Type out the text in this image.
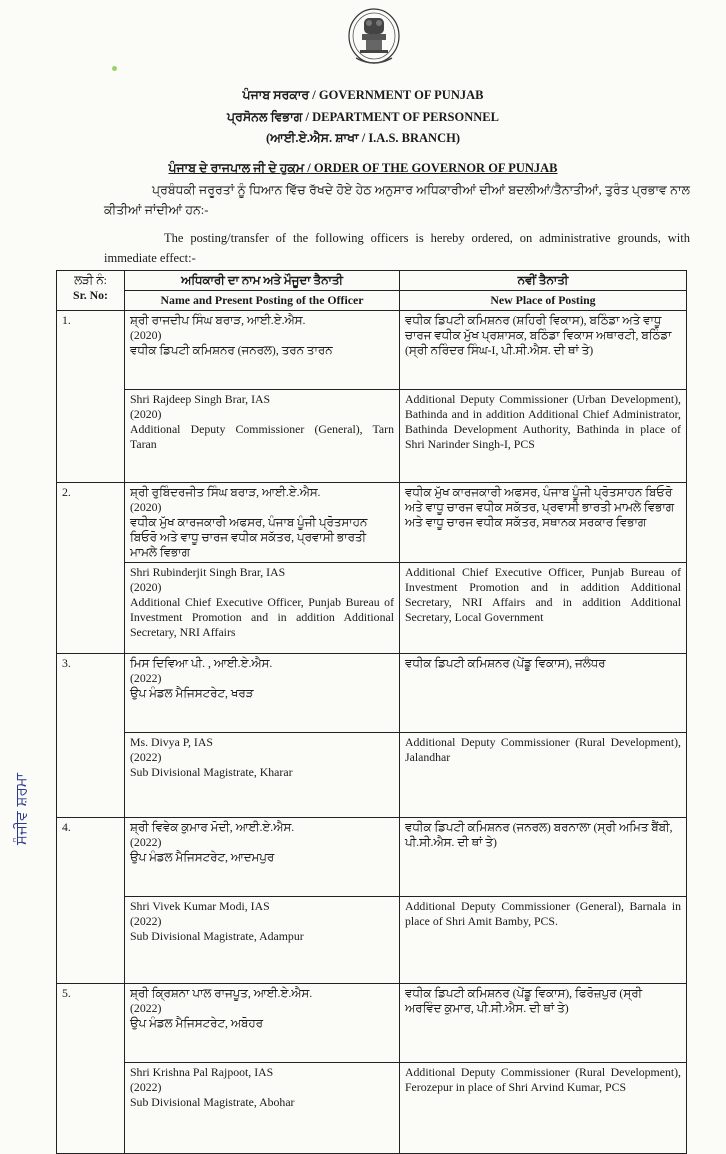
ਪੰਜਾਬ ਸਰਕਾਰ / GOVERNMENT OF PUNJAB
ਪ੍ਰਸੋਨਲ ਵਿਭਾਗ / DEPARTMENT OF PERSONNEL
(ਆਈ.ਏ.ਐਸ. ਸ਼ਾਖਾ / I.A.S. BRANCH)
ਪੰਜਾਬ ਦੇ ਰਾਜਪਾਲ ਜੀ ਦੇ ਹੁਕਮ / ORDER OF THE GOVERNOR OF PUNJAB
ਪ੍ਰਬੰਧਕੀ ਜਰੂਰਤਾਂ ਨੂੰ ਧਿਆਨ ਵਿੱਚ ਰੱਖਦੇ ਹੋਏ ਹੇਠ ਅਨੁਸਾਰ ਅਧਿਕਾਰੀਆਂ ਦੀਆਂ ਬਦਲੀਆਂ/ਤੈਨਾਤੀਆਂ, ਤੁਰੰਤ ਪ੍ਰਭਾਵ ਨਾਲ ਕੀਤੀਆਂ ਜਾਂਦੀਆਂ ਹਨ:-
The posting/transfer of the following officers is hereby ordered, on administrative grounds, with immediate effect:-
ਸੰਜੀਵ ਸ਼ਰਮਾ
ਲੜੀ ਨੰ:
Sr. No:	ਅਧਿਕਾਰੀ ਦਾ ਨਾਮ ਅਤੇ ਮੌਜੂਦਾ ਤੈਨਾਤੀ	ਨਵੀਂ ਤੈਨਾਤੀ
	Name and Present Posting of the Officer	New Place of Posting
1.	ਸ਼੍ਰੀ ਰਾਜਦੀਪ ਸਿੰਘ ਬਰਾੜ, ਆਈ.ਏ.ਐਸ.
(2020)
ਵਧੀਕ ਡਿਪਟੀ ਕਮਿਸ਼ਨਰ (ਜਨਰਲ), ਤਰਨ ਤਾਰਨ	ਵਧੀਕ ਡਿਪਟੀ ਕਮਿਸ਼ਨਰ (ਸ਼ਹਿਰੀ ਵਿਕਾਸ), ਬਠਿੰਡਾ ਅਤੇ ਵਾਧੂ ਚਾਰਜ ਵਧੀਕ ਮੁੱਖ ਪ੍ਰਸ਼ਾਸਕ, ਬਠਿੰਡਾ ਵਿਕਾਸ ਅਥਾਰਟੀ, ਬਠਿੰਡਾ (ਸ੍ਰੀ ਨਰਿੰਦਰ ਸਿੰਘ-I, ਪੀ.ਸੀ.ਐਸ. ਦੀ ਥਾਂ ਤੇ)

	Shri Rajdeep Singh Brar, IAS
(2020)
Additional Deputy Commissioner (General), Tarn Taran	Additional Deputy Commissioner (Urban Development), Bathinda and in addition Additional Chief Administrator, Bathinda Development Authority, Bathinda in place of Shri Narinder Singh-I, PCS
2.	ਸ਼੍ਰੀ ਰੁਬਿੰਦਰਜੀਤ ਸਿੰਘ ਬਰਾੜ, ਆਈ.ਏ.ਐਸ.
(2020)
ਵਧੀਕ ਮੁੱਖ ਕਾਰਜਕਾਰੀ ਅਫਸਰ, ਪੰਜਾਬ ਪੂੰਜੀ ਪ੍ਰੋਤਸਾਹਨ ਬਿਓਰੋ ਅਤੇ ਵਾਧੂ ਚਾਰਜ ਵਧੀਕ ਸਕੱਤਰ, ਪ੍ਰਵਾਸੀ ਭਾਰਤੀ ਮਾਮਲੇ ਵਿਭਾਗ	ਵਧੀਕ ਮੁੱਖ ਕਾਰਜਕਾਰੀ ਅਫਸਰ, ਪੰਜਾਬ ਪੂੰਜੀ ਪ੍ਰੋਤਸਾਹਨ ਬਿਓਰੋ ਅਤੇ ਵਾਧੂ ਚਾਰਜ ਵਧੀਕ ਸਕੱਤਰ, ਪ੍ਰਵਾਸੀ ਭਾਰਤੀ ਮਾਮਲੇ ਵਿਭਾਗ ਅਤੇ ਵਾਧੂ ਚਾਰਜ ਵਧੀਕ ਸਕੱਤਰ, ਸਥਾਨਕ ਸਰਕਾਰ ਵਿਭਾਗ

	Shri Rubinderjit Singh Brar, IAS
(2020)
Additional Chief Executive Officer, Punjab Bureau of Investment Promotion and in addition Additional Secretary, NRI Affairs	Additional Chief Executive Officer, Punjab Bureau of Investment Promotion and in addition Additional Secretary, NRI Affairs and in addition Additional Secretary, Local Government
3.	ਮਿਸ ਦਿਵਿਆ ਪੀ. , ਆਈ.ਏ.ਐਸ.
(2022)
ਉਪ ਮੰਡਲ ਮੈਜਿਸਟਰੇਟ, ਖਰੜ	ਵਧੀਕ ਡਿਪਟੀ ਕਮਿਸ਼ਨਰ (ਪੇਂਡੂ ਵਿਕਾਸ), ਜਲੰਧਰ

	Ms. Divya P, IAS
(2022)
Sub Divisional Magistrate, Kharar	Additional Deputy Commissioner (Rural Development), Jalandhar
4.	ਸ਼੍ਰੀ ਵਿਵੇਕ ਕੁਮਾਰ ਮੋਦੀ, ਆਈ.ਏ.ਐਸ.
(2022)
ਉਪ ਮੰਡਲ ਮੈਜਿਸਟਰੇਟ, ਆਦਮਪੁਰ	ਵਧੀਕ ਡਿਪਟੀ ਕਮਿਸ਼ਨਰ (ਜਨਰਲ) ਬਰਨਾਲਾ (ਸ੍ਰੀ ਅਮਿਤ ਬੈਂਬੀ, ਪੀ.ਸੀ.ਐਸ. ਦੀ ਥਾਂ ਤੇ)

	Shri Vivek Kumar Modi, IAS
(2022)
Sub Divisional Magistrate, Adampur	Additional Deputy Commissioner (General), Barnala in place of Shri Amit Bamby, PCS.
5.	ਸ਼੍ਰੀ ਕ੍ਰਿਸ਼ਨਾ ਪਾਲ ਰਾਜਪੂਤ, ਆਈ.ਏ.ਐਸ.
(2022)
ਉਪ ਮੰਡਲ ਮੈਜਿਸਟਰੇਟ, ਅਬੋਹਰ	ਵਧੀਕ ਡਿਪਟੀ ਕਮਿਸ਼ਨਰ (ਪੇਂਡੂ ਵਿਕਾਸ), ਫਿਰੋਜ਼ਪੁਰ (ਸ੍ਰੀ ਅਰਵਿੰਦ ਕੁਮਾਰ, ਪੀ.ਸੀ.ਐਸ. ਦੀ ਥਾਂ ਤੇ)

	Shri Krishna Pal Rajpoot, IAS
(2022)
Sub Divisional Magistrate, Abohar	Additional Deputy Commissioner (Rural Development), Ferozepur in place of Shri Arvind Kumar, PCS
